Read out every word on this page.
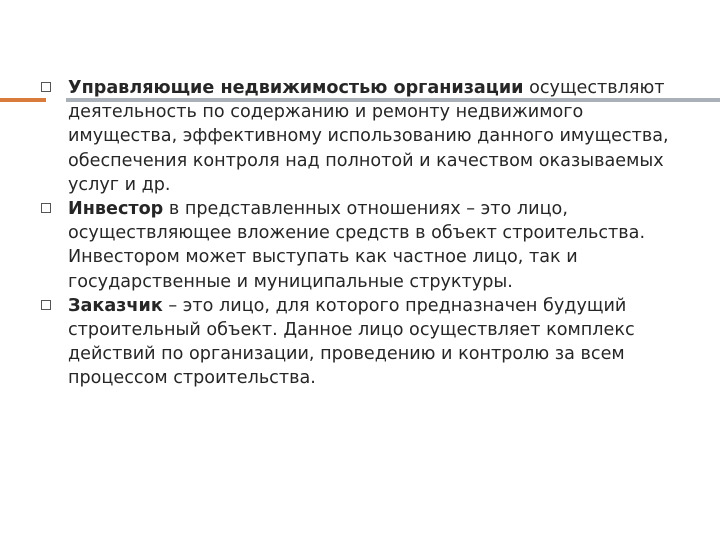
Управляющие недвижимостью организации осуществляют деятельность по содержанию и ремонту недвижимого имущества, эффективному использованию данного имущества, обеспечения контроля над полнотой и качеством оказываемых услуг и др.
Инвестор в представленных отношениях – это лицо, осуществляющее вложение средств в объект строительства. Инвестором может выступать как частное лицо, так и государственные и муниципальные структуры.
Заказчик – это лицо, для которого предназначен будущий строительный объект. Данное лицо осуществляет комплекс действий по организации, проведению и контролю за всем процессом строительства.
